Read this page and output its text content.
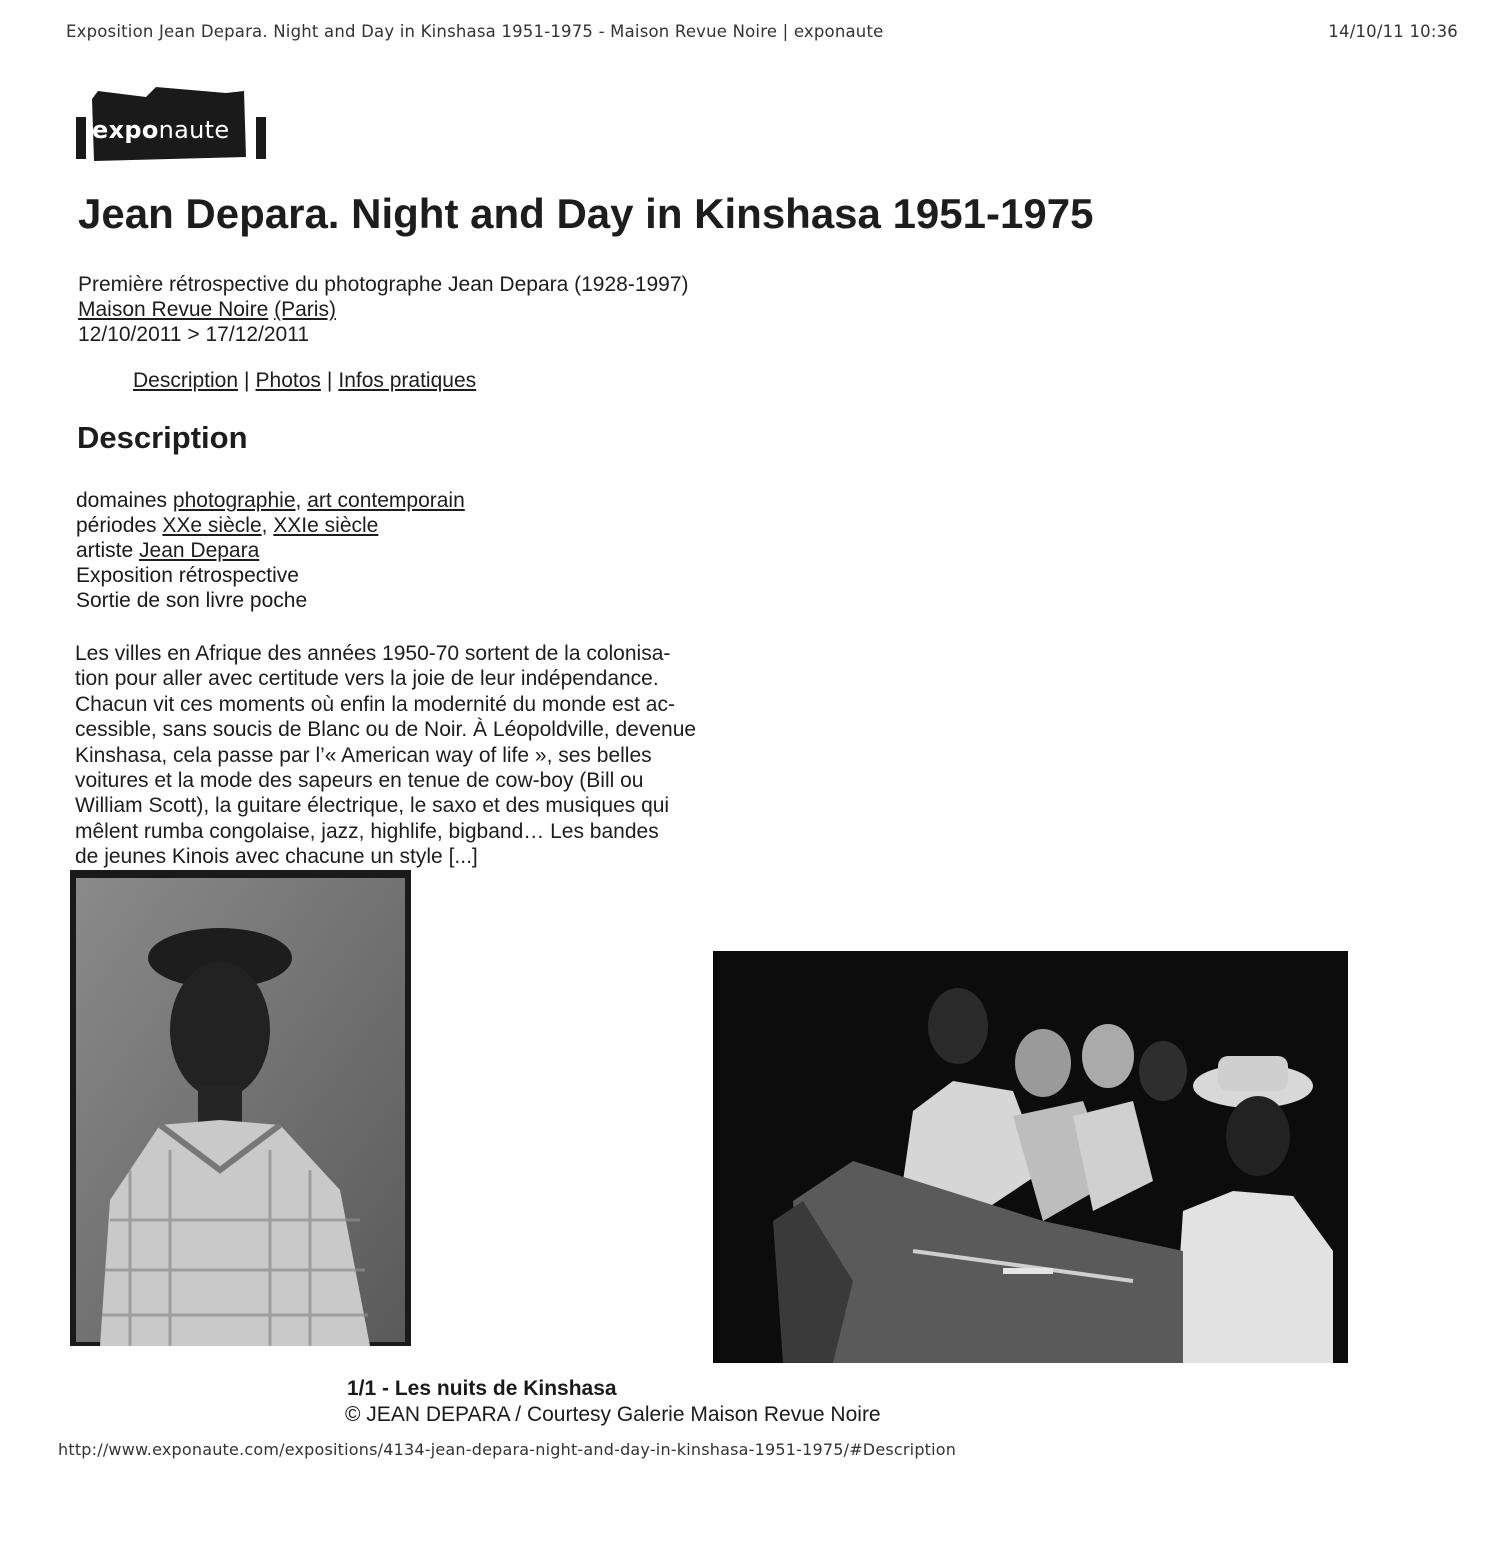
Exposition Jean Depara. Night and Day in Kinshasa 1951-1975 - Maison Revue Noire | exponaute	14/10/11 10:36
exponaute
Jean Depara. Night and Day in Kinshasa 1951-1975
Première rétrospective du photographe Jean Depara (1928-1997)
Maison Revue Noire (Paris)
12/10/2011 > 17/12/2011
Description | Photos | Infos pratiques
Description
domaines photographie, art contemporain
périodes XXe siècle, XXIe siècle
artiste Jean Depara
Exposition rétrospective
Sortie de son livre poche
Les villes en Afrique des années 1950-70 sortent de la colonisa-
tion pour aller avec certitude vers la joie de leur indépendance.
Chacun vit ces moments où enfin la modernité du monde est ac-
cessible, sans soucis de Blanc ou de Noir. À Léopoldville, devenue
Kinshasa, cela passe par l’« American way of life », ses belles
voitures et la mode des sapeurs en tenue de cow-boy (Bill ou
William Scott), la guitare électrique, le saxo et des musiques qui
mêlent rumba congolaise, jazz, highlife, bigband… Les bandes
de jeunes Kinois avec chacune un style [...]
1/1 - Les nuits de Kinshasa
© JEAN DEPARA / Courtesy Galerie Maison Revue Noire
http://www.exponaute.com/expositions/4134-jean-depara-night-and-day-in-kinshasa-1951-1975/#Description
